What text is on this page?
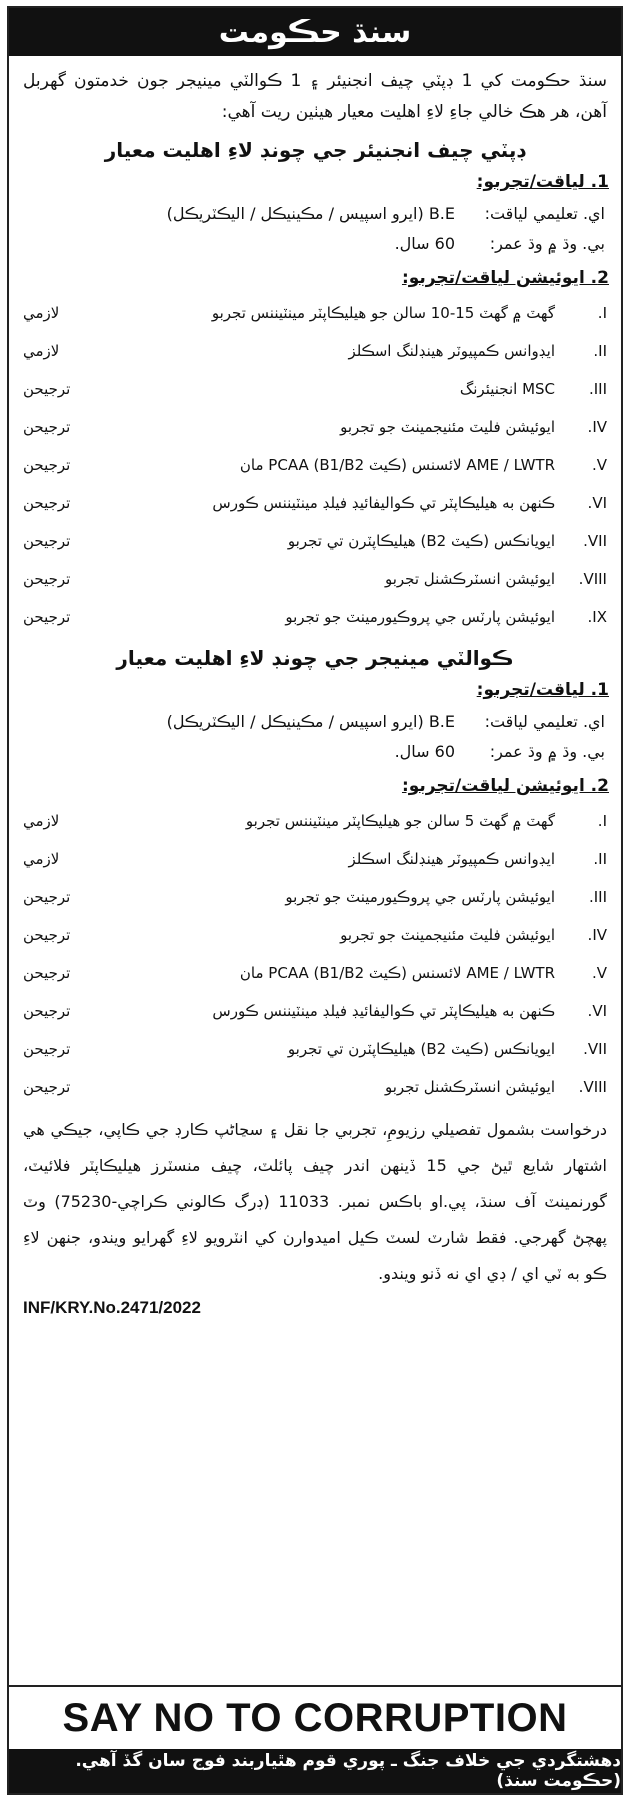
سنڌ حڪومت
سنڌ حڪومت کي 1 ڊپٽي چيف انجنيئر ۽ 1 ڪوالٽي مينيجر جون خدمتون گهربل آهن، هر هڪ خالي جاءِ لاءِ اهليت معيار هيٺين ريت آهي:
ڊپٽي چيف انجنيئر جي چونڊ لاءِ اهليت معيار
1. لياقت/تجربو:
اي. تعليمي لياقت:
B.E (ايرو اسپيس / مڪينيڪل / اليڪٽريڪل)
بي. وڌ ۾ وڌ عمر:
60 سال.
2. ايوئيشن لياقت/تجربو:
I.
گهٽ ۾ گهٽ 15-10 سالن جو هيليڪاپٽر مينٽيننس تجربو
لازمي
II.
ايڊوانس ڪمپيوٽر هينڊلنگ اسڪلز
لازمي
III.
MSC انجنيئرنگ
ترجيحن
IV.
ايوئيشن فليٽ مئنيجمينٽ جو تجربو
ترجيحن
V.
AME / LWTR لائسنس (ڪيٽ B1/B2) PCAA مان
ترجيحن
VI.
ڪنهن به هيليڪاپٽر تي ڪواليفائيڊ فيلڊ مينٽيننس ڪورس
ترجيحن
VII.
ايويانڪس (ڪيٽ B2) هيليڪاپٽرن تي تجربو
ترجيحن
VIII.
ايوئيشن انسٽرڪشنل تجربو
ترجيحن
IX.
ايوئيشن پارٽس جي پروڪيورمينٽ جو تجربو
ترجيحن
ڪوالٽي مينيجر جي چونڊ لاءِ اهليت معيار
1. لياقت/تجربو:
اي. تعليمي لياقت:
B.E (ايرو اسپيس / مڪينيڪل / اليڪٽريڪل)
بي. وڌ ۾ وڌ عمر:
60 سال.
2. ايوئيشن لياقت/تجربو:
I.
گهٽ ۾ گهٽ 5 سالن جو هيليڪاپٽر مينٽيننس تجربو
لازمي
II.
ايڊوانس ڪمپيوٽر هينڊلنگ اسڪلز
لازمي
III.
ايوئيشن پارٽس جي پروڪيورمينٽ جو تجربو
ترجيحن
IV.
ايوئيشن فليٽ مئنيجمينٽ جو تجربو
ترجيحن
V.
AME / LWTR لائسنس (ڪيٽ B1/B2) PCAA مان
ترجيحن
VI.
ڪنهن به هيليڪاپٽر تي ڪواليفائيڊ فيلڊ مينٽيننس ڪورس
ترجيحن
VII.
ايويانڪس (ڪيٽ B2) هيليڪاپٽرن تي تجربو
ترجيحن
VIII.
ايوئيشن انسٽرڪشنل تجربو
ترجيحن
درخواست بشمول تفصيلي رزيومِ، تجربي جا نقل ۽ سڃاڻپ ڪارڊ جي ڪاپي، جيڪي هي اشتهار شايع ٿيڻ جي 15 ڏينهن اندر چيف پائلٽ، چيف منسٽرز هيليڪاپٽر فلائيٽ، گورنمينٽ آف سنڌ، پي.او باڪس نمبر. 11033 (ڊرگ ڪالوني ڪراچي-75230) وٽ پهچڻ گهرجي. فقط شارٽ لسٽ ڪيل اميدوارن کي انٽرويو لاءِ گهرايو ويندو، جنهن لاءِ ڪو به ٽي اي / ڊي اي نه ڏنو ويندو.
INF/KRY.No.2471/2022
SAY NO TO CORRUPTION
دهشتگردي جي خلاف جنگ ـ پوري قوم هٿياربند فوج سان گڏ آهي. (حڪومت سنڌ)
